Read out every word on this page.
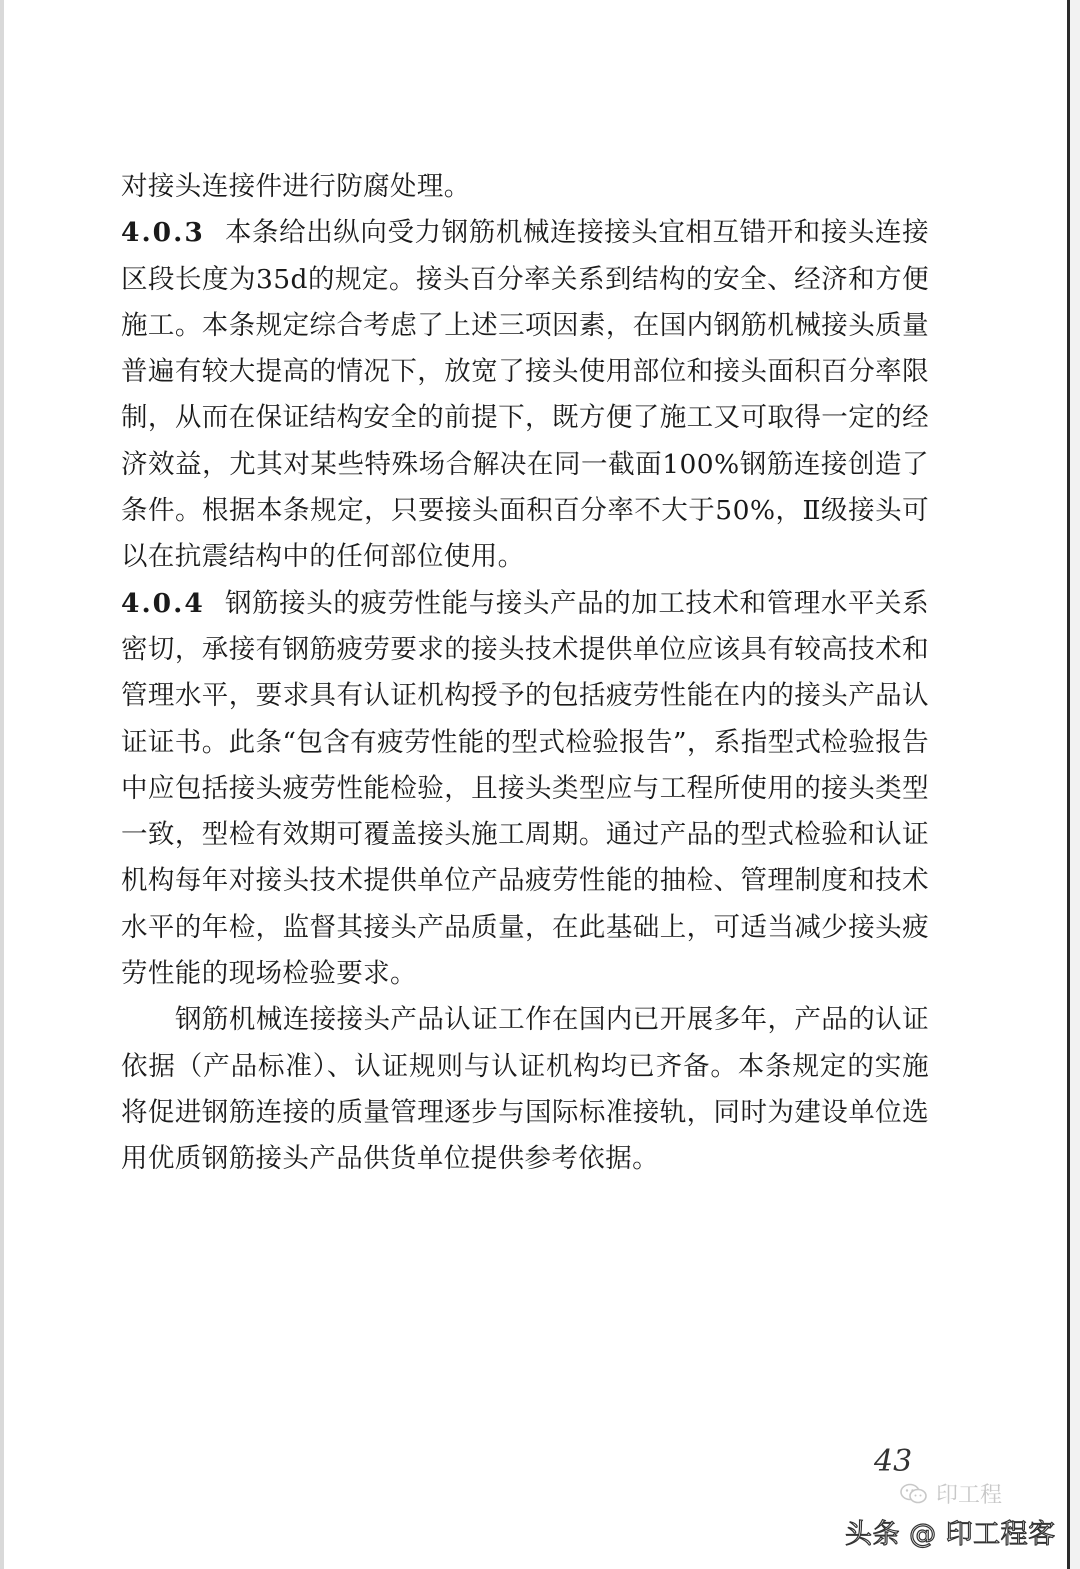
对接头连接件进行防腐处理。

4.0.3 本条给出纵向受力钢筋机械连接接头宜相互错开和接头连接区段长度为35d的规定。接头百分率关系到结构的安全、经济和方便施工。本条规定综合考虑了上述三项因素，在国内钢筋机械接头质量普遍有较大提高的情况下，放宽了接头使用部位和接头面积百分率限制，从而在保证结构安全的前提下，既方便了施工又可取得一定的经济效益，尤其对某些特殊场合解决在同一截面100%钢筋连接创造了条件。根据本条规定，只要接头面积百分率不大于50%，Ⅱ级接头可以在抗震结构中的任何部位使用。

4.0.4 钢筋接头的疲劳性能与接头产品的加工技术和管理水平关系密切，承接有钢筋疲劳要求的接头技术提供单位应该具有较高技术和管理水平，要求具有认证机构授予的包括疲劳性能在内的接头产品认证证书。此条“包含有疲劳性能的型式检验报告”，系指型式检验报告中应包括接头疲劳性能检验，且接头类型应与工程所使用的接头类型一致，型检有效期可覆盖接头施工周期。通过产品的型式检验和认证机构每年对接头技术提供单位产品疲劳性能的抽检、管理制度和技术水平的年检，监督其接头产品质量，在此基础上，可适当减少接头疲劳性能的现场检验要求。

钢筋机械连接接头产品认证工作在国内已开展多年，产品的认证依据（产品标准）、认证规则与认证机构均已齐备。本条规定的实施将促进钢筋连接的质量管理逐步与国际标准接轨，同时为建设单位选用优质钢筋接头产品供货单位提供参考依据。

43
印工程
头条 @ 印工程客
